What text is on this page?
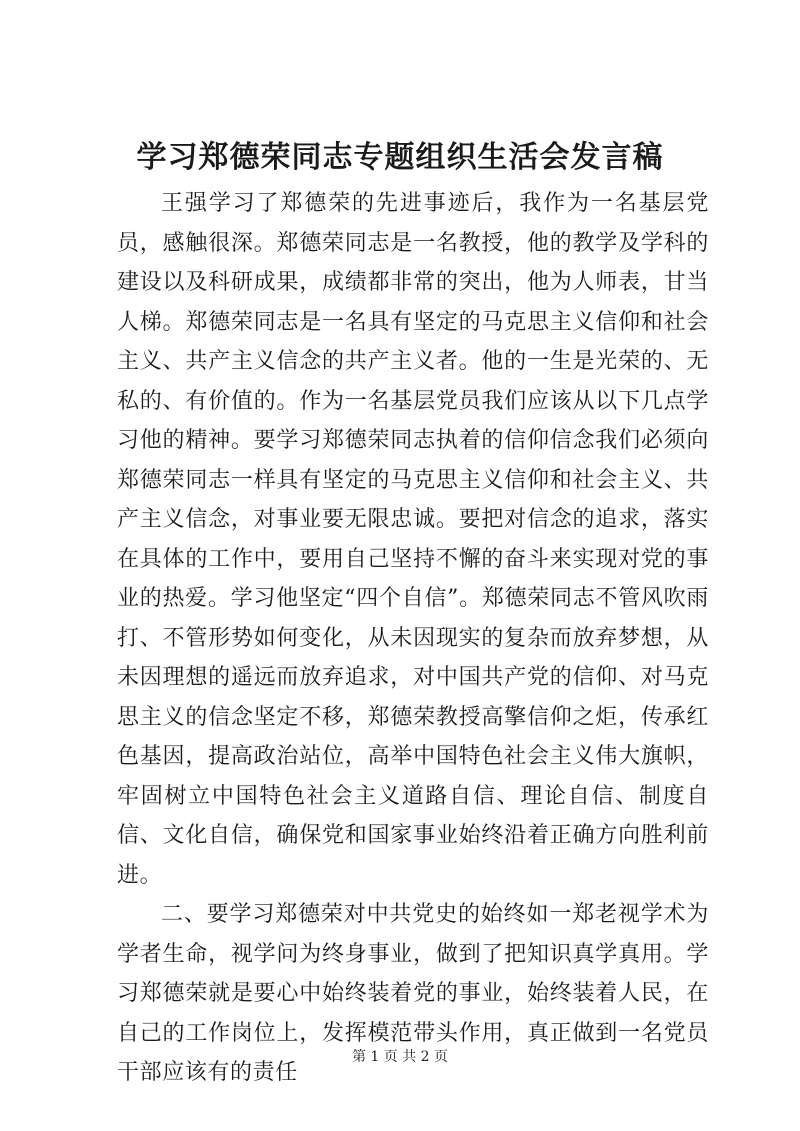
学习郑德荣同志专题组织生活会发言稿

王强学习了郑德荣的先进事迹后，我作为一名基层党员，感触很深。郑德荣同志是一名教授，他的教学及学科的建设以及科研成果，成绩都非常的突出，他为人师表，甘当人梯。郑德荣同志是一名具有坚定的马克思主义信仰和社会主义、共产主义信念的共产主义者。他的一生是光荣的、无私的、有价值的。作为一名基层党员我们应该从以下几点学习他的精神。要学习郑德荣同志执着的信仰信念我们必须向郑德荣同志一样具有坚定的马克思主义信仰和社会主义、共产主义信念，对事业要无限忠诚。要把对信念的追求，落实在具体的工作中，要用自己坚持不懈的奋斗来实现对党的事业的热爱。学习他坚定“四个自信”。郑德荣同志不管风吹雨打、不管形势如何变化，从未因现实的复杂而放弃梦想，从未因理想的遥远而放弃追求，对中国共产党的信仰、对马克思主义的信念坚定不移，郑德荣教授高擎信仰之炬，传承红色基因，提高政治站位，高举中国特色社会主义伟大旗帜，牢固树立中国特色社会主义道路自信、理论自信、制度自信、文化自信，确保党和国家事业始终沿着正确方向胜利前进。

二、要学习郑德荣对中共党史的始终如一郑老视学术为学者生命，视学问为终身事业，做到了把知识真学真用。学习郑德荣就是要心中始终装着党的事业，始终装着人民，在自己的工作岗位上，发挥模范带头作用，真正做到一名党员干部应该有的责任

第 1 页 共 2 页
